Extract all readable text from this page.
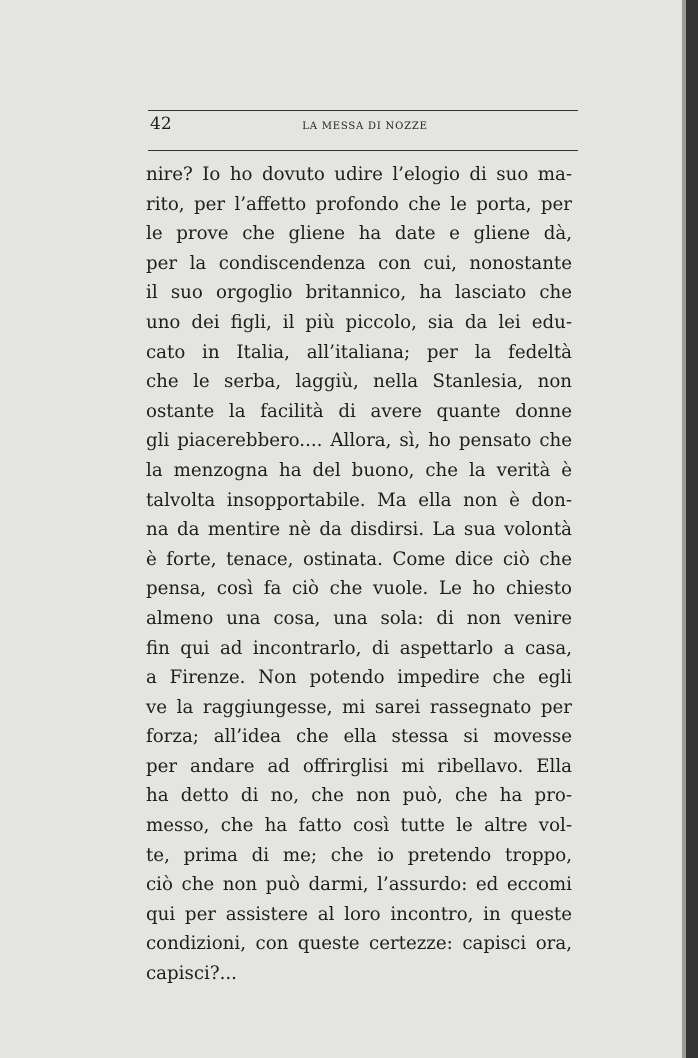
42	LA MESSA DI NOZZE
nire? Io ho dovuto udire l’elogio di suo ma-
rito, per l’affetto profondo che le porta, per
le prove che gliene ha date e gliene dà,
per la condiscendenza con cui, nonostante
il suo orgoglio britannico, ha lasciato che
uno dei figli, il più piccolo, sia da lei edu-
cato in Italia, all’italiana; per la fedeltà
che le serba, laggiù, nella Stanlesia, non
ostante la facilità di avere quante donne
gli piacerebbero.... Allora, sì, ho pensato che
la menzogna ha del buono, che la verità è
talvolta insopportabile. Ma ella non è don-
na da mentire nè da disdirsi. La sua volontà
è forte, tenace, ostinata. Come dice ciò che
pensa, così fa ciò che vuole. Le ho chiesto
almeno una cosa, una sola: di non venire
fin qui ad incontrarlo, di aspettarlo a casa,
a Firenze. Non potendo impedire che egli
ve la raggiungesse, mi sarei rassegnato per
forza; all’idea che ella stessa si movesse
per andare ad offrirglisi mi ribellavo. Ella
ha detto di no, che non può, che ha pro-
messo, che ha fatto così tutte le altre vol-
te, prima di me; che io pretendo troppo,
ciò che non può darmi, l’assurdo: ed eccomi
qui per assistere al loro incontro, in queste
condizioni, con queste certezze: capisci ora,
capisci?...
